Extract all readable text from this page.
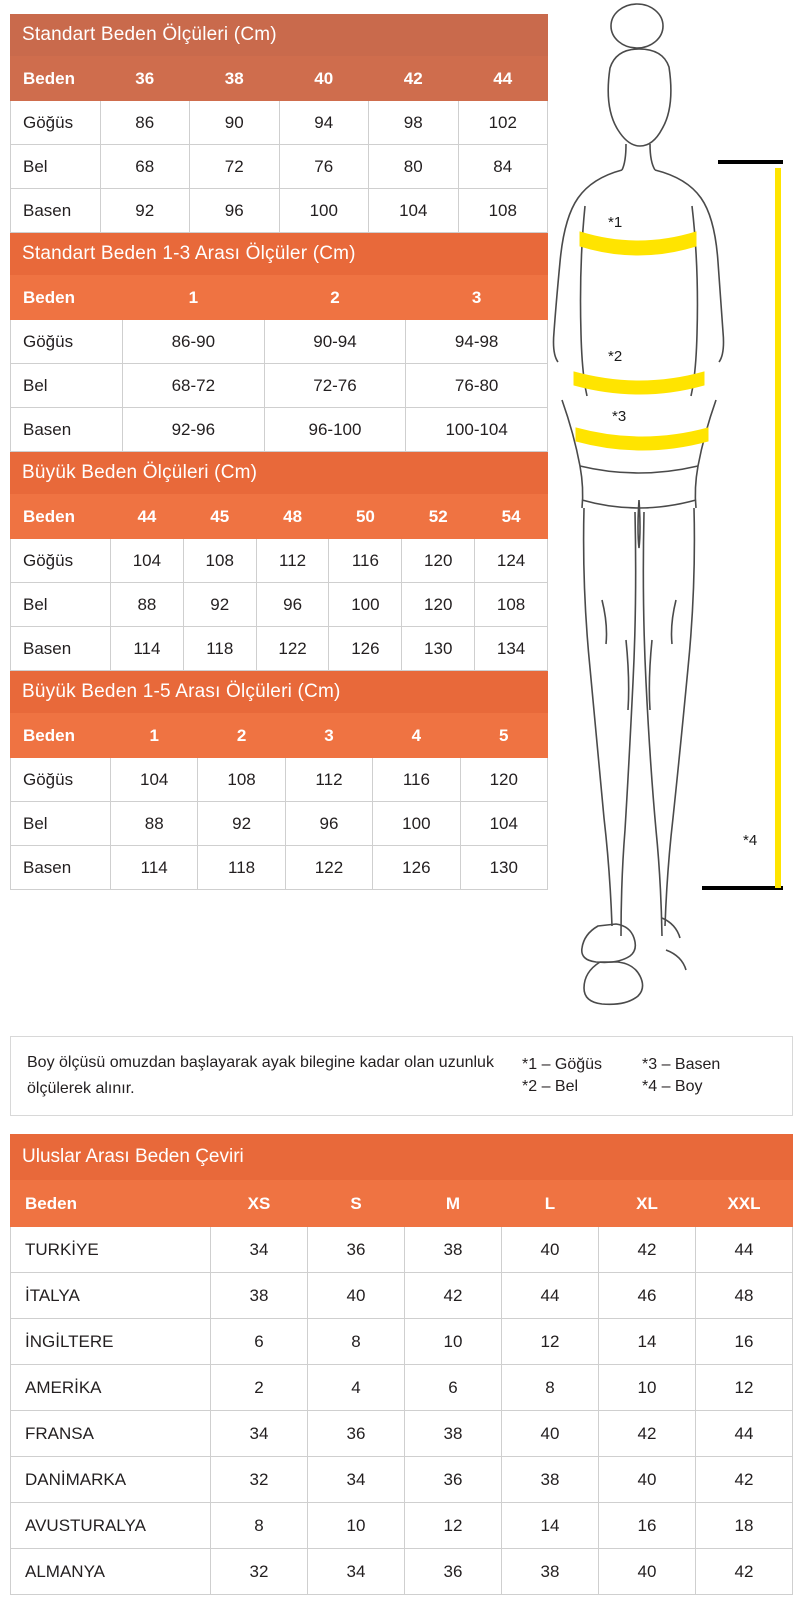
Standart Beden Ölçüleri (Cm)
Beden	36	38	40	42	44
Göğüs	86	90	94	98	102
Bel	68	72	76	80	84
Basen	92	96	100	104	108
Standart Beden 1-3 Arası Ölçüler (Cm)
Beden	1	2	3
Göğüs	86-90	90-94	94-98
Bel	68-72	72-76	76-80
Basen	92-96	96-100	100-104
Büyük Beden Ölçüleri (Cm)
Beden	44	45	48	50	52	54
Göğüs	104	108	112	116	120	124
Bel	88	92	96	100	120	108
Basen	114	118	122	126	130	134
Büyük Beden 1-5 Arası Ölçüleri (Cm)
Beden	1	2	3	4	5
Göğüs	104	108	112	116	120
Bel	88	92	96	100	104
Basen	114	118	122	126	130
*1
*2
*3
*4
Boy ölçüsü omuzdan başlayarak ayak bilegine kadar olan uzunluk ölçülerek alınır.
*1 – Göğüs	*3 – Basen
*2 – Bel	*4 – Boy
Uluslar Arası Beden Çeviri
Beden	XS	S	M	L	XL	XXL
TURKİYE	34	36	38	40	42	44
İTALYA	38	40	42	44	46	48
İNGİLTERE	6	8	10	12	14	16
AMERİKA	2	4	6	8	10	12
FRANSA	34	36	38	40	42	44
DANİMARKA	32	34	36	38	40	42
AVUSTURALYA	8	10	12	14	16	18
ALMANYA	32	34	36	38	40	42
